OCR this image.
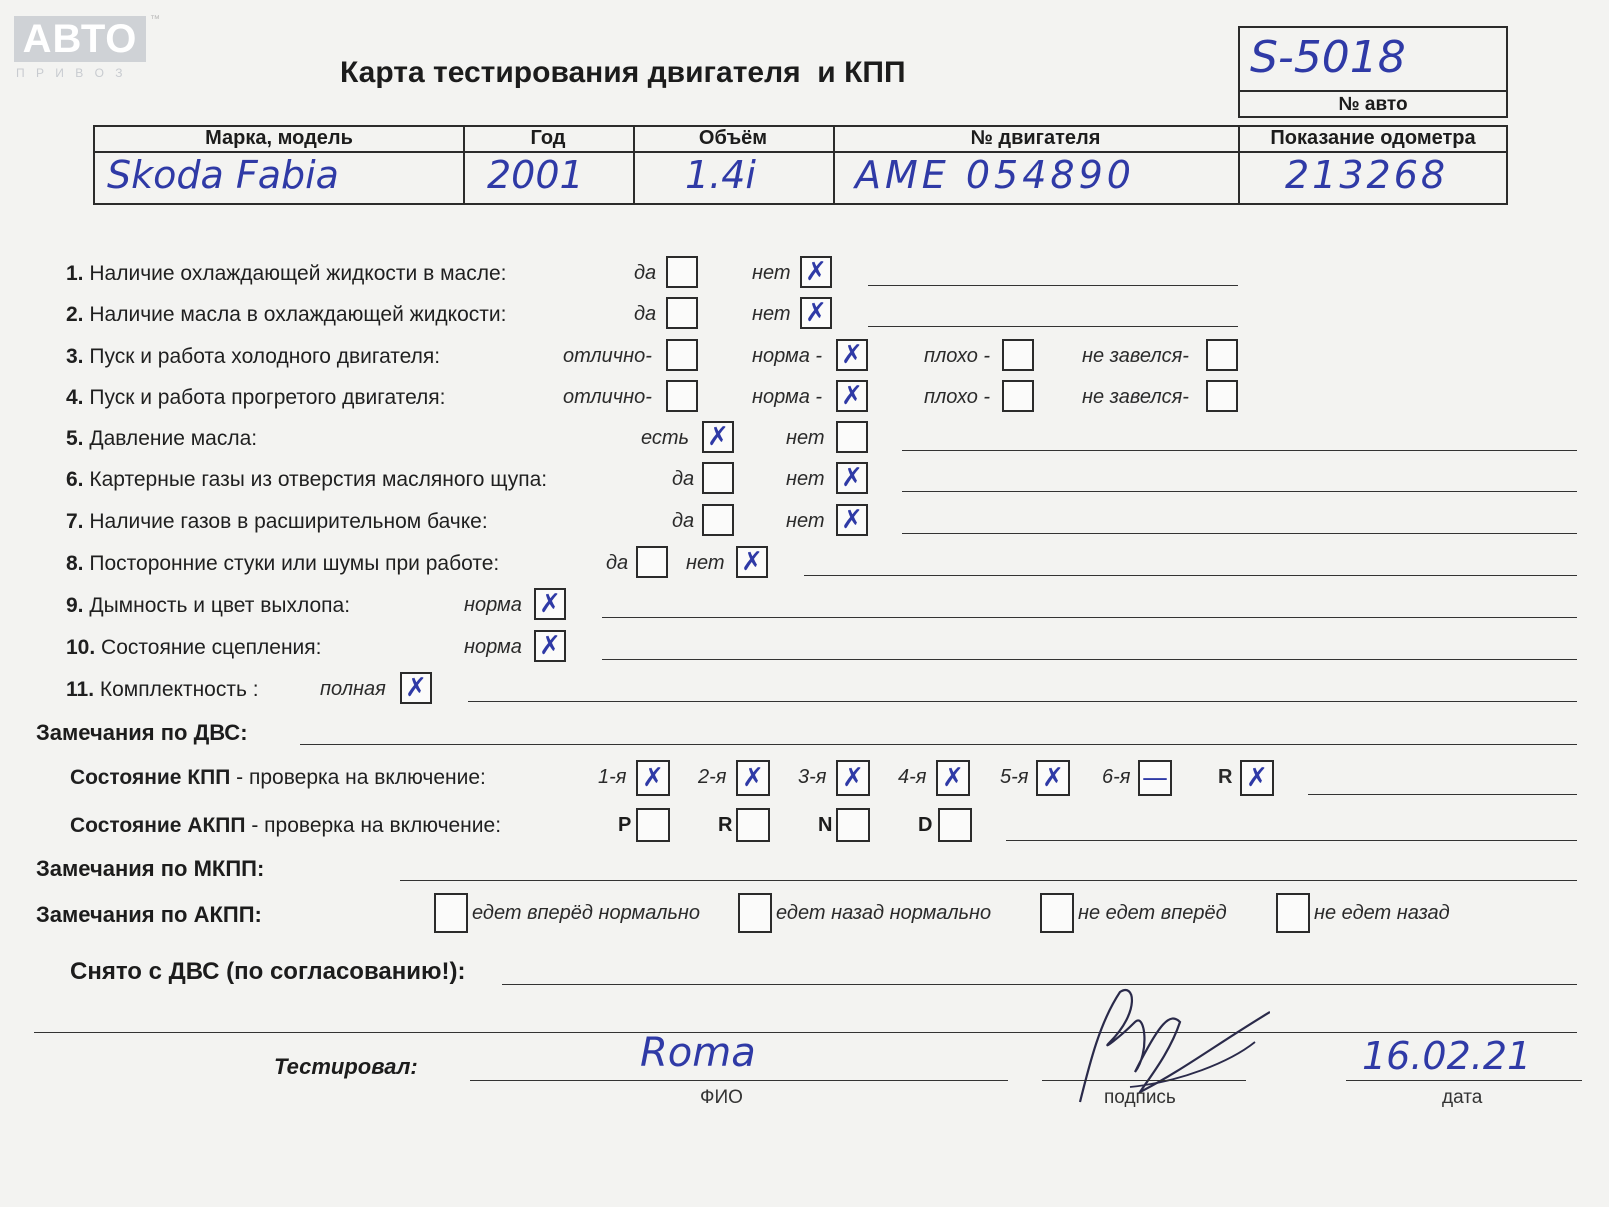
АВТО	™
П Р И В О З	Карта тестирования двигателя  и КПП	S-5018
№ авто
Марка, модель	Год	Объём	№ двигателя	Показание одометра
Skoda Fabia	2001	1.4i	AME 054890	213268
1. Наличие охлаждающей жидкости в масле:	да	нет ✗
2. Наличие масла в охлаждающей жидкости:	да	нет ✗
3. Пуск и работа холодного двигателя:	отлично-	норма - ✗	плохо -	не завелся-
4. Пуск и работа прогретого двигателя:	отлично-	норма - ✗	плохо -	не завелся-
5. Давление масла:	есть ✗	нет
6. Картерные газы из отверстия масляного щупа:	да	нет ✗
7. Наличие газов в расширительном бачке:	да	нет ✗
8. Посторонние стуки или шумы при работе:	да	нет ✗
9. Дымность и цвет выхлопа:	норма ✗
10. Состояние сцепления:	норма ✗
11. Комплектность :	полная ✗
Замечания по ДВС:
Состояние КПП - проверка на включение:	1-я ✗ 2-я ✗ 3-я ✗ 4-я ✗ 5-я ✗ 6-я —	R ✗
Состояние АКПП - проверка на включение:	P	R	N	D
Замечания по МКПП:
Замечания по АКПП:	едет вперёд нормально	едет назад нормально	не едет вперёд	не едет назад
Снято с ДВС (по согласованию!):
Тестировал:	Roma
ФИО	подпись
16.02.21
дата
